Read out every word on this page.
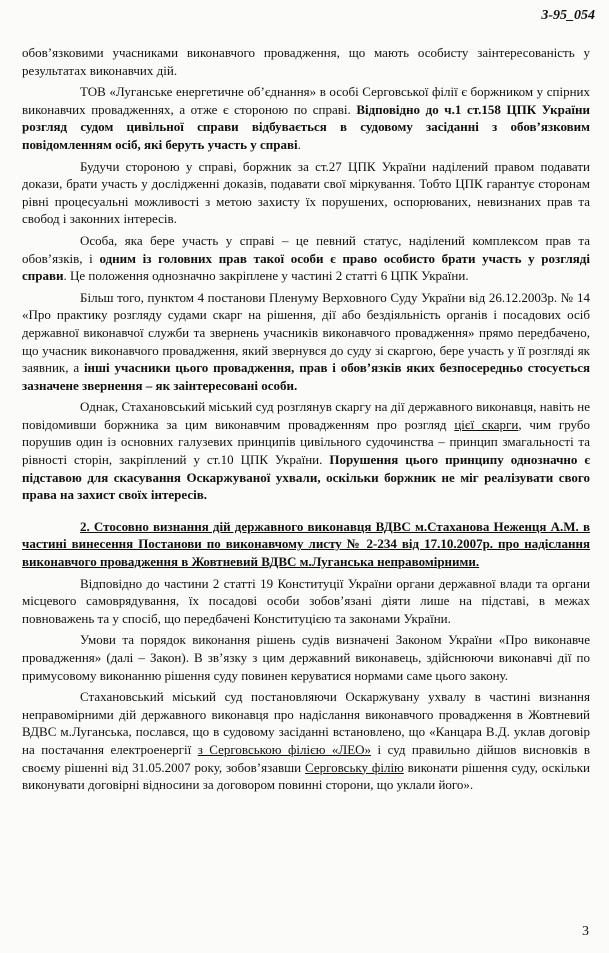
3-95_054

обов’язковими учасниками виконавчого провадження, що мають особисту заінтересованість у результатах виконавчих дій.

ТОВ «Луганське енергетичне об’єднання» в особі Серговської філії є боржником у спірних виконавчих провадженнях, а отже є стороною по справі. Відповідно до ч.1 ст.158 ЦПК України розгляд судом цивільної справи відбувається в судовому засіданні з обов’язковим повідомленням осіб, які беруть участь у справі.

Будучи стороною у справі, боржник за ст.27 ЦПК України наділений правом подавати докази, брати участь у дослідженні доказів, подавати свої міркування. Тобто ЦПК гарантує сторонам рівні процесуальні можливості з метою захисту їх порушених, оспорюваних, невизнаних прав та свобод і законних інтересів.

Особа, яка бере участь у справі – це певний статус, наділений комплексом прав та обов’язків, і одним із головних прав такої особи є право особисто брати участь у розгляді справи. Це положення однозначно закріплене у частині 2 статті 6 ЦПК України.

Більш того, пунктом 4 постанови Пленуму Верховного Суду України від 26.12.2003р. № 14 «Про практику розгляду судами скарг на рішення, дії або бездіяльність органів і посадових осіб державної виконавчої служби та звернень учасників виконавчого провадження» прямо передбачено, що учасник виконавчого провадження, який звернувся до суду зі скаргою, бере участь у її розгляді як заявник, а інші учасники цього провадження, прав і обов’язків яких безпосередньо стосується зазначене звернення – як заінтересовані особи.

Однак, Стахановський міський суд розглянув скаргу на дії державного виконавця, навіть не повідомивши боржника за цим виконавчим провадженням про розгляд цієї скарги, чим грубо порушив один із основних галузевих принципів цивільного судочинства – принцип змагальності та рівності сторін, закріплений у ст.10 ЦПК України. Порушення цього принципу однозначно є підставою для скасування Оскаржуваної ухвали, оскільки боржник не міг реалізувати свого права на захист своїх інтересів.

2. Стосовно визнання дій державного виконавця ВДВС м.Стаханова Неженця А.М. в частині винесення Постанови по виконавчому листу № 2-234 від 17.10.2007р. про надіслання виконавчого провадження в Жовтневий ВДВС м.Луганська неправомірними.

Відповідно до частини 2 статті 19 Конституції України органи державної влади та органи місцевого самоврядування, їх посадові особи зобов’язані діяти лише на підставі, в межах повноважень та у спосіб, що передбачені Конституцією та законами України.

Умови та порядок виконання рішень судів визначені Законом України «Про виконавче провадження» (далі – Закон). В зв’язку з цим державний виконавець, здійснюючи виконавчі дії по примусовому виконанню рішення суду повинен керуватися нормами саме цього закону.

Стахановський міський суд постановляючи Оскаржувану ухвалу в частині визнання неправомірними дій державного виконавця про надіслання виконавчого провадження в Жовтневий ВДВС м.Луганська, послався, що в судовому засіданні встановлено, що «Канцара В.Д. уклав договір на постачання електроенергії з Серговською філією «ЛЕО» і суд правильно дійшов висновків в своєму рішенні від 31.05.2007 року, зобов’язавши Серговську філію виконати рішення суду, оскільки виконувати договірні відносини за договором повинні сторони, що уклали його».

3
